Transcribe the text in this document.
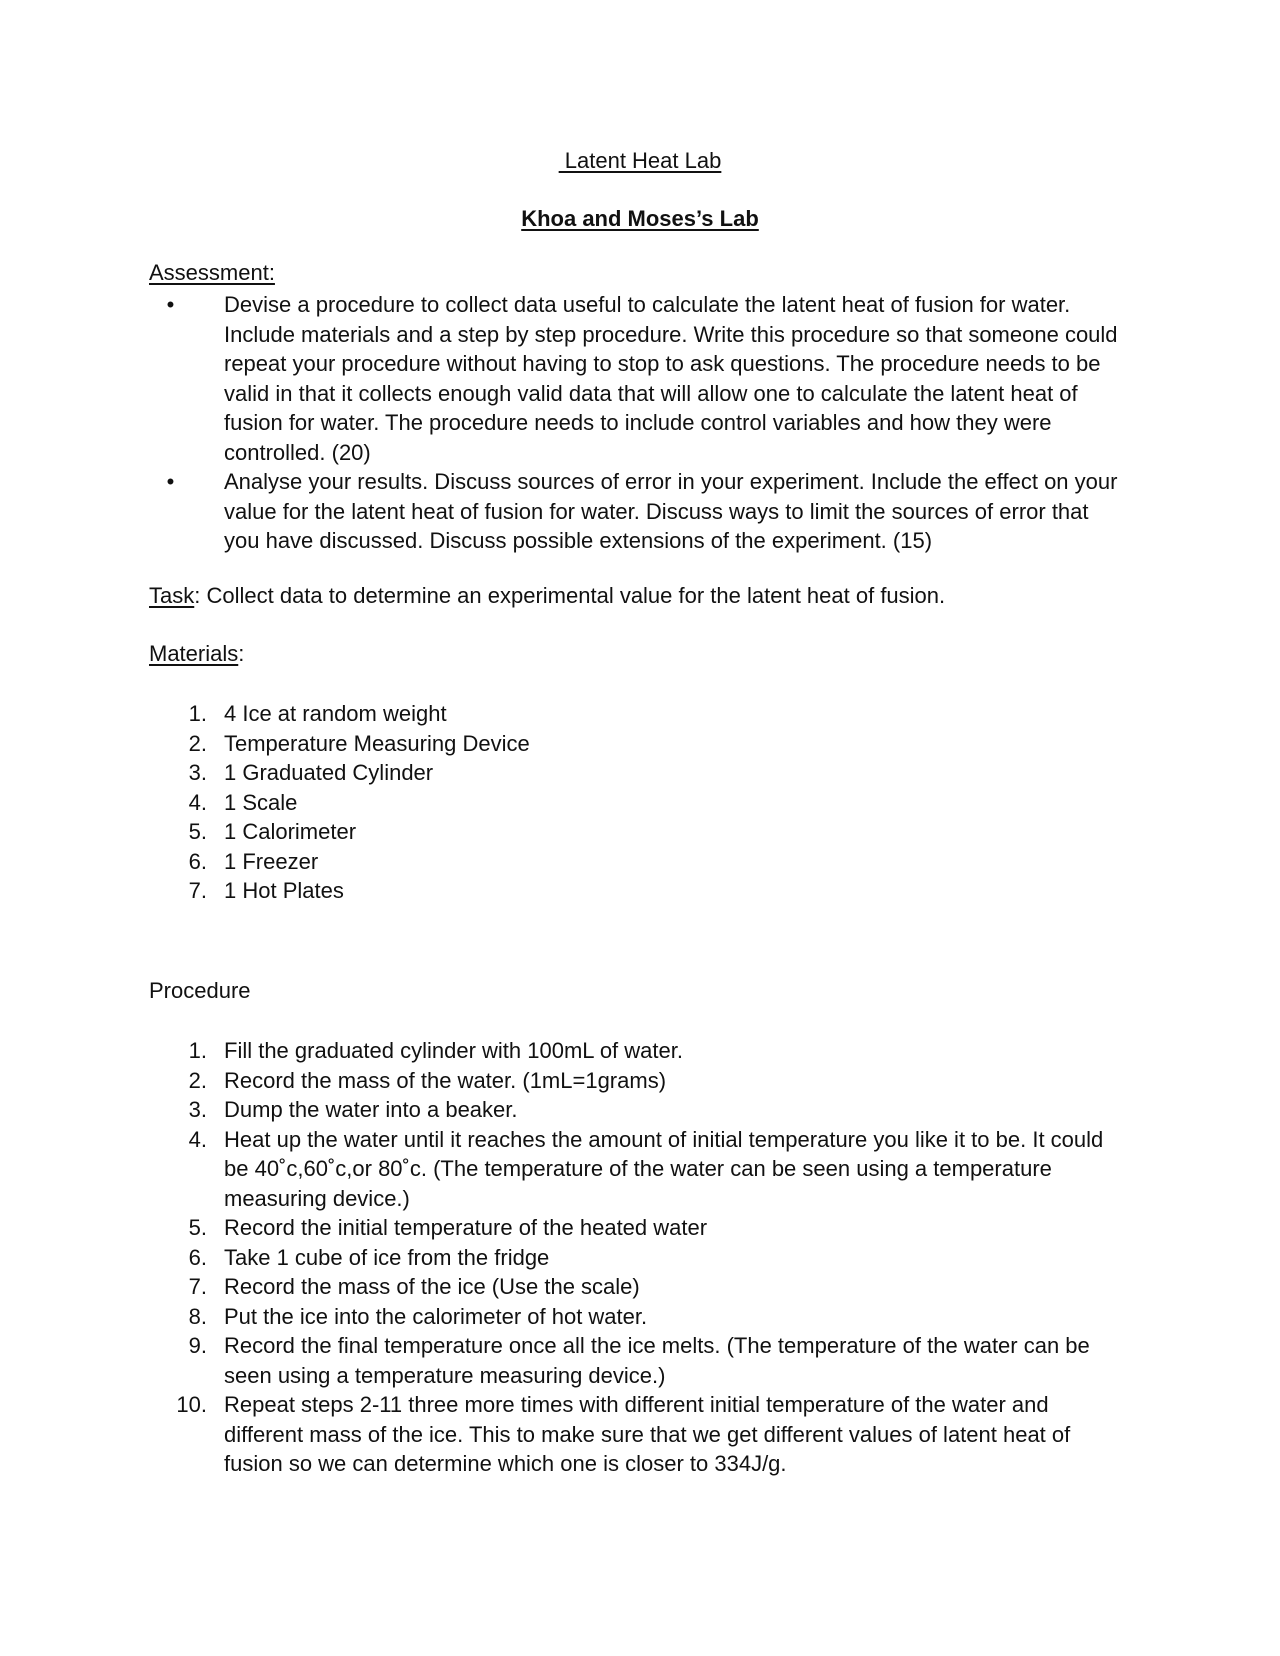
Latent Heat Lab
Khoa and Moses’s Lab
Assessment:
•	Devise a procedure to collect data useful to calculate the latent heat of fusion for water. Include materials and a step by step procedure. Write this procedure so that someone could repeat your procedure without having to stop to ask questions. The procedure needs to be valid in that it collects enough valid data that will allow one to calculate the latent heat of fusion for water. The procedure needs to include control variables and how they were controlled. (20)
•	Analyse your results. Discuss sources of error in your experiment. Include the effect on your value for the latent heat of fusion for water. Discuss ways to limit the sources of error that you have discussed. Discuss possible extensions of the experiment. (15)
Task: Collect data to determine an experimental value for the latent heat of fusion.
Materials:
1. 4 Ice at random weight
2. Temperature Measuring Device
3. 1 Graduated Cylinder
4. 1 Scale
5. 1 Calorimeter
6. 1 Freezer
7. 1 Hot Plates
Procedure
1. Fill the graduated cylinder with 100mL of water.
2. Record the mass of the water. (1mL=1grams)
3. Dump the water into a beaker.
4. Heat up the water until it reaches the amount of initial temperature you like it to be. It could be 40˚c,60˚c,or 80˚c. (The temperature of the water can be seen using a temperature measuring device.)
5. Record the initial temperature of the heated water
6. Take 1 cube of ice from the fridge
7. Record the mass of the ice (Use the scale)
8. Put the ice into the calorimeter of hot water.
9. Record the final temperature once all the ice melts. (The temperature of the water can be seen using a temperature measuring device.)
10. Repeat steps 2-11 three more times with different initial temperature of the water and different mass of the ice. This to make sure that we get different values of latent heat of fusion so we can determine which one is closer to 334J/g.
